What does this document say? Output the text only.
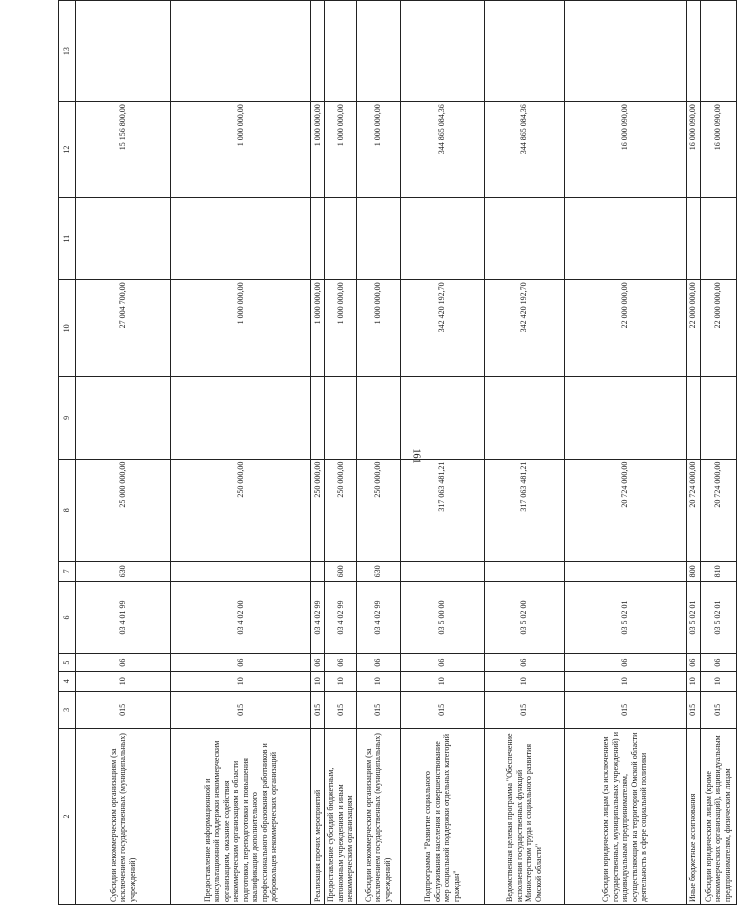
161
2	3	4	5	6	7	8	9	10	11	12	13
Субсидии некоммерческим организациям (за исключением государственных (муниципальных) учреждений)	015	10	06	03 4 01 99	630	25 000 000,00		27 004 700,00		15 156 800,00	
Предоставление информационной и консультационной поддержки некоммерческим организациям, оказание содействия некоммерческим организациям в области подготовки, переподготовки и повышения квалификации дополнительного профессионального образования работников и добровольцев некоммерческих организаций	015	10	06	03 4 02 00		250 000,00		1 000 000,00		1 000 000,00	
Реализация прочих мероприятий	015	10	06	03 4 02 99		250 000,00		1 000 000,00		1 000 000,00	
Предоставление субсидий бюджетным, автономным учреждениям и иным некоммерческим организациям	015	10	06	03 4 02 99	600	250 000,00		1 000 000,00		1 000 000,00	
Субсидии некоммерческим организациям (за исключением государственных (муниципальных) учреждений)	015	10	06	03 4 02 99	630	250 000,00		1 000 000,00		1 000 000,00	
Подпрограмма "Развитие социального обслуживания населения и совершенствование мер социальной поддержки отдельных категорий граждан"	015	10	06	03 5 00 00		317 063 481,21		342 420 192,70		344 865 084,36	
Ведомственная целевая программа "Обеспечение исполнения государственных функций Министерством труда и социального развития Омской области"	015	10	06	03 5 02 00		317 063 481,21		342 420 192,70		344 865 084,36	
Субсидии юридическим лицам (за исключением государственных, муниципальных учреждений) и индивидуальным предпринимателям, осуществляющим на территории Омской области деятельность в сфере социальной политики	015	10	06	03 5 02 01		20 724 000,00		22 000 000,00		16 000 090,00	
Иные бюджетные ассигнования	015	10	06	03 5 02 01	800	20 724 000,00		22 000 000,00		16 000 090,00	
Субсидии юридическим лицам (кроме некоммерческих организаций), индивидуальным предпринимателям, физическим лицам	015	10	06	03 5 02 01	810	20 724 000,00		22 000 000,00		16 000 090,00	
